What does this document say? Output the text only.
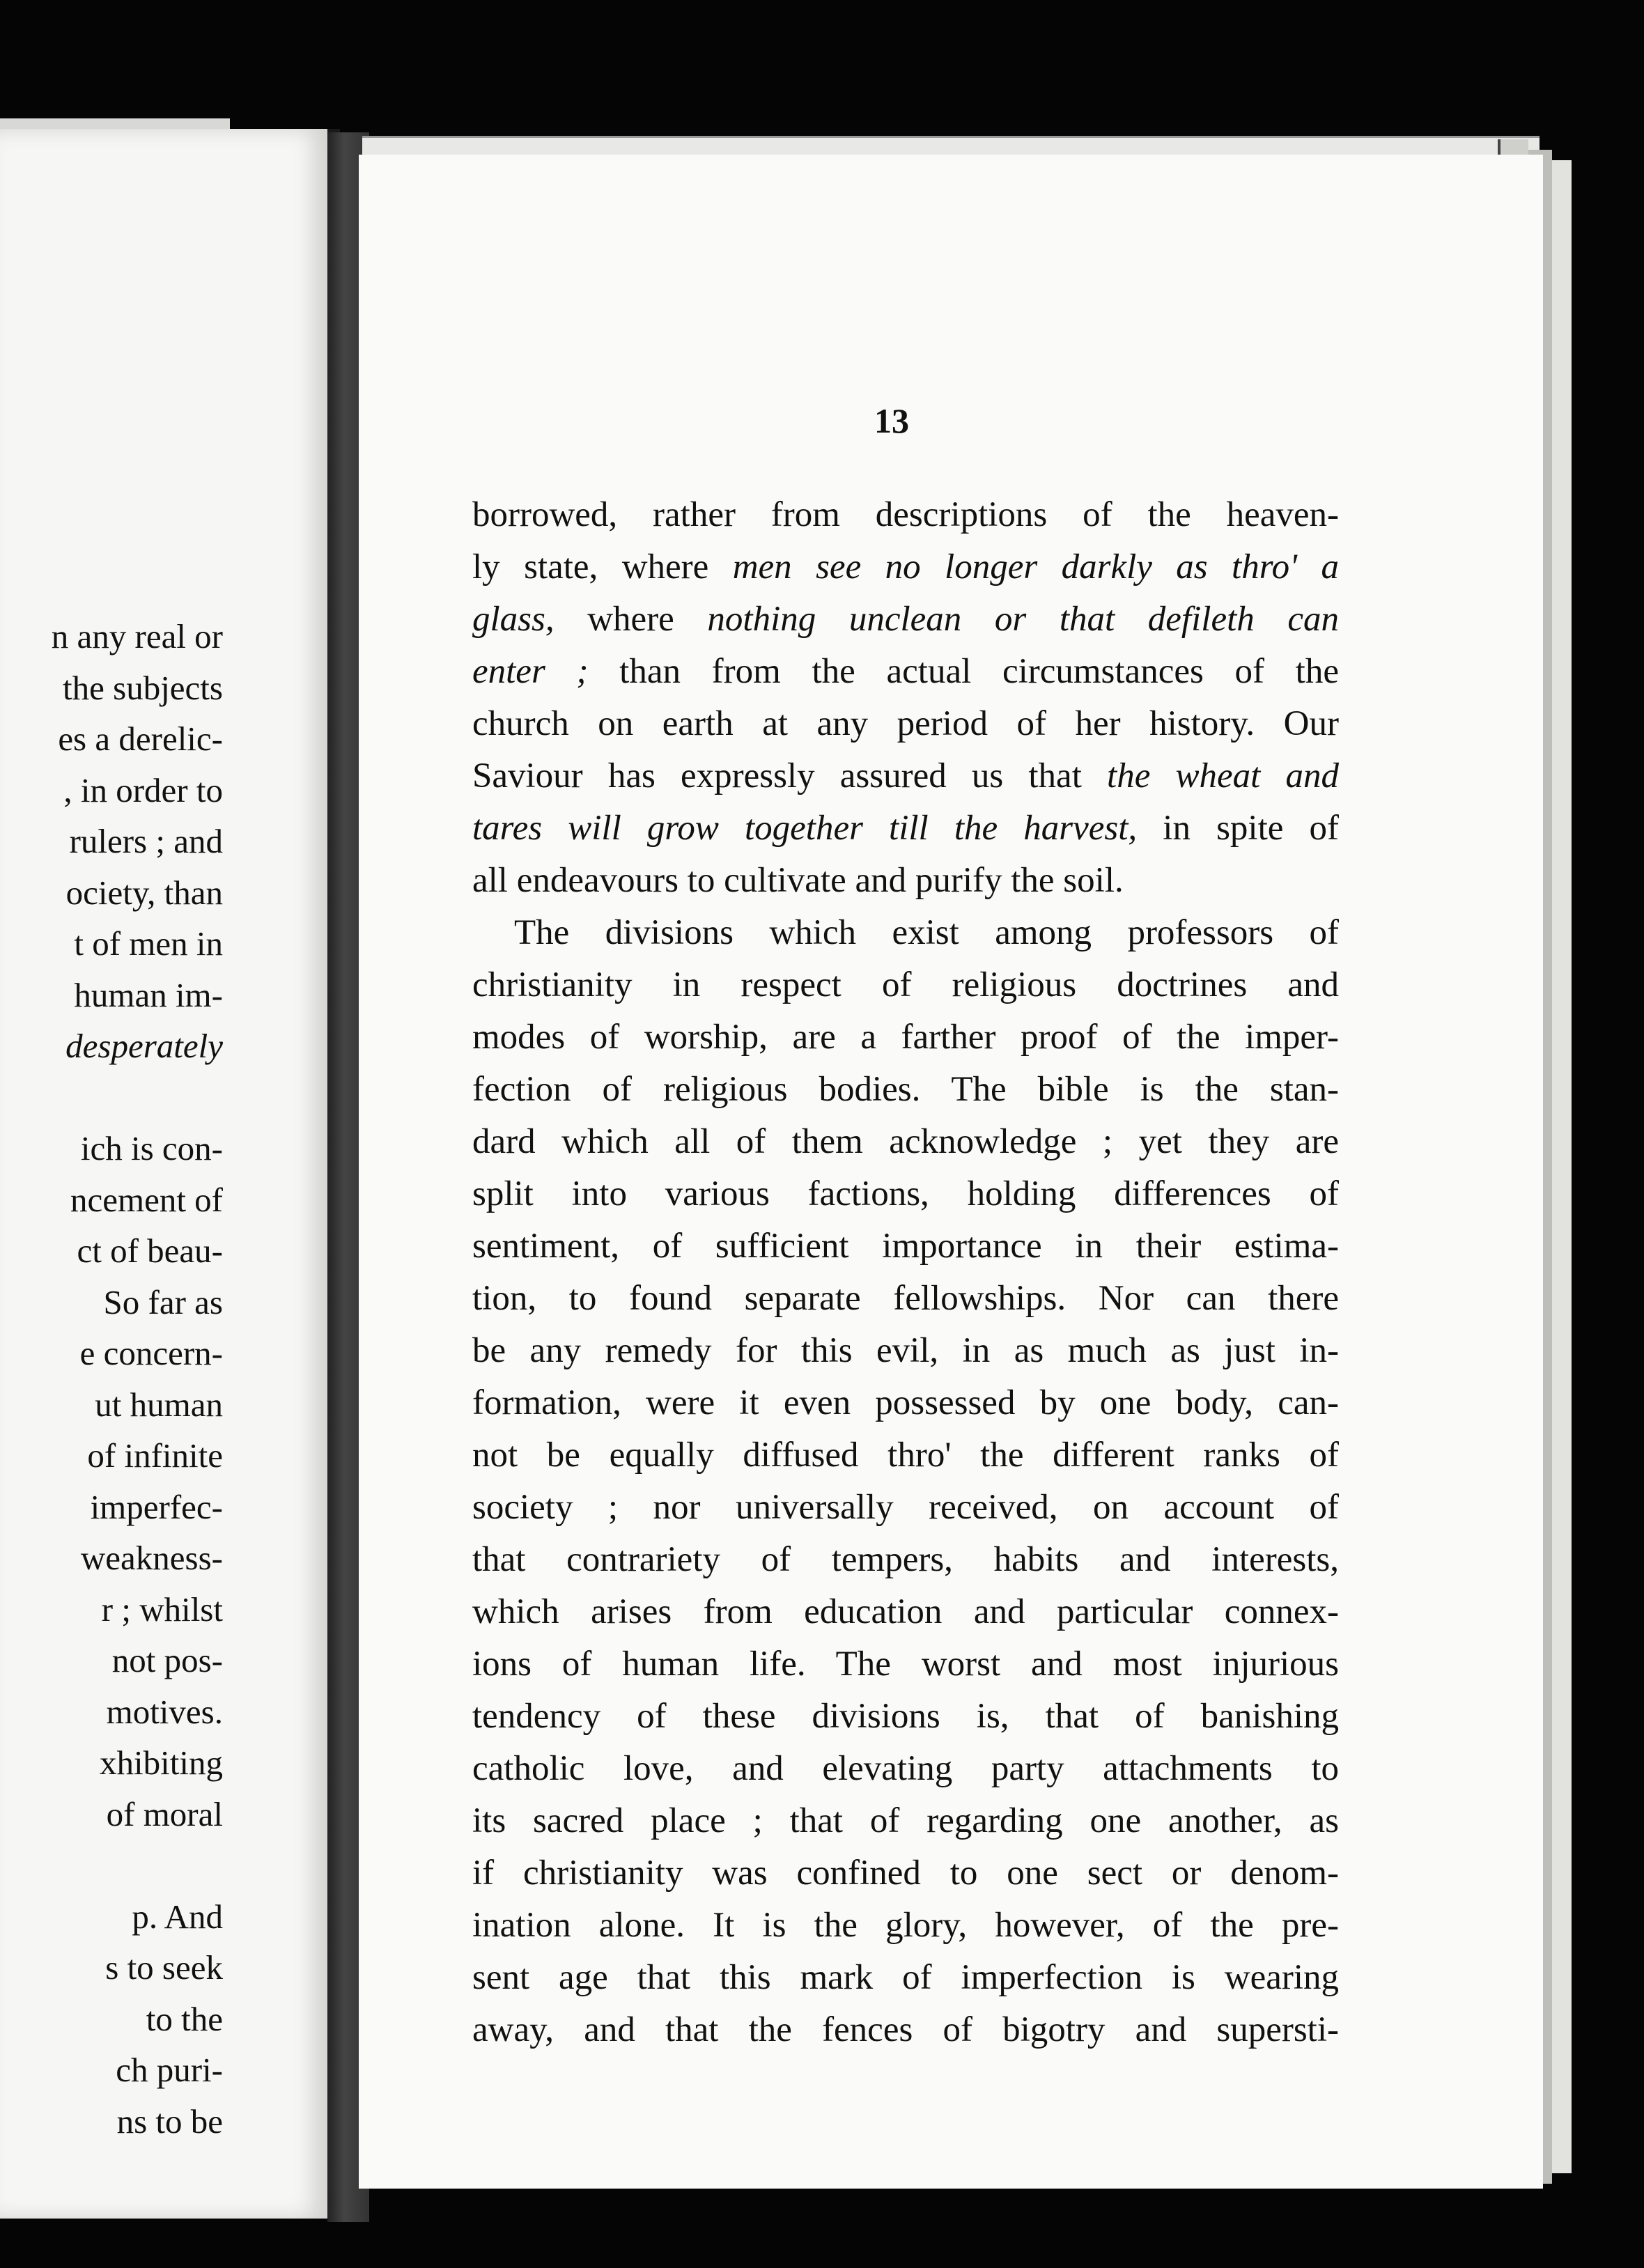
n any real or
the subjects
es a derelic-
, in order to
rulers ; and
ociety, than
t of men in
human im-
desperately
ich is con-
ncement of
ct of beau-
So far as
e concern-
ut human
of infinite
imperfec-
weakness-
r ; whilst
not pos-
motives.
xhibiting
of moral
p. And
s to seek
to the
ch puri-
ns to be
13
borrowed, rather from descriptions of the heaven-
ly state, where men see no longer darkly as thro' a
glass, where nothing unclean or that defileth can
enter ; than from the actual circumstances of the
church on earth at any period of her history. Our
Saviour has expressly assured us that the wheat and
tares will grow together till the harvest, in spite of
all endeavours to cultivate and purify the soil.
The divisions which exist among professors of
christianity in respect of religious doctrines and
modes of worship, are a farther proof of the imper-
fection of religious bodies. The bible is the stan-
dard which all of them acknowledge ; yet they are
split into various factions, holding differences of
sentiment, of sufficient importance in their estima-
tion, to found separate fellowships. Nor can there
be any remedy for this evil, in as much as just in-
formation, were it even possessed by one body, can-
not be equally diffused thro' the different ranks of
society ; nor universally received, on account of
that contrariety of tempers, habits and interests,
which arises from education and particular connex-
ions of human life. The worst and most injurious
tendency of these divisions is, that of banishing
catholic love, and elevating party attachments to
its sacred place ; that of regarding one another, as
if christianity was confined to one sect or denom-
ination alone. It is the glory, however, of the pre-
sent age that this mark of imperfection is wearing
away, and that the fences of bigotry and supersti-
